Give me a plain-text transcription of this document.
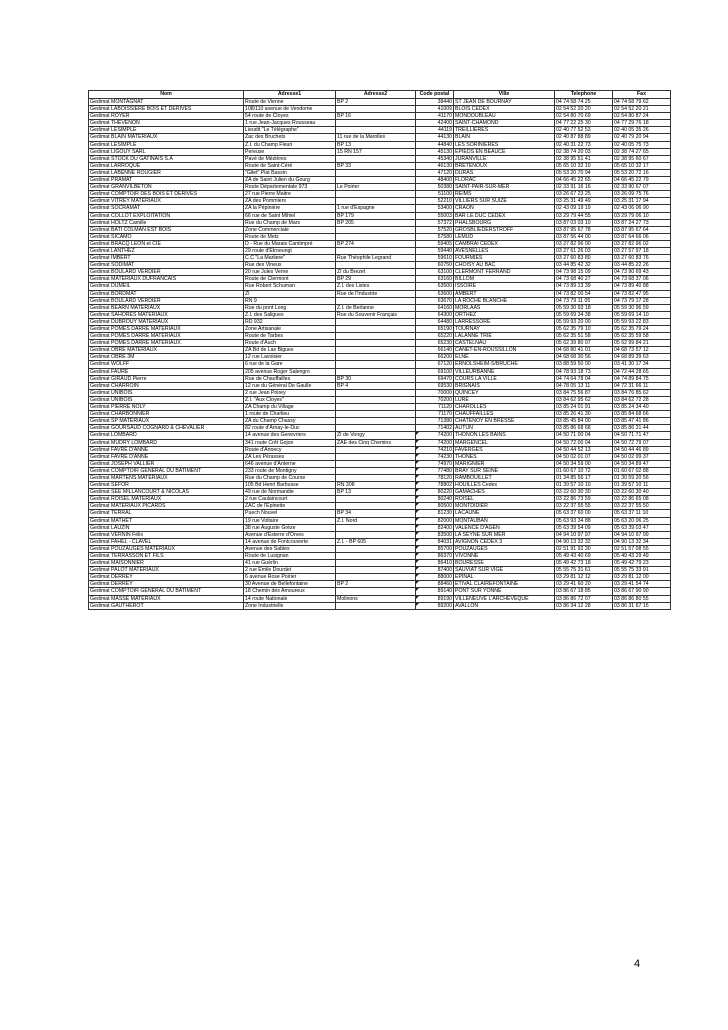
Nom	Adresse1	Adresse2	Code postal	Ville	Telephone	Fax
Gedimat MONTAGNAT	Route de Vienne	BP 2	38440	ST JEAN DE BOURNAY	04 74 58 74 25	04 74 58 79 62
Gedimat LABOISSIERE BOIS ET DERIVES	108/110 avenue de Vendome		41009	BLOIS CEDEX	02 54 52 20 20	02 54 52 20 21
Gedimat ROYER	54 route de Cloyes	BP 16	41170	MONDOUBLEAU	02 54 80 70 69	02 54 80 87 24
Gedimat THEVENON	1 rue Jean-Jacques Rousseau		42400	SAINT-CHAMOND	04 77 22 25 30	04 77 29 76 18
Gedimat LESIMPLE	Lieudit "Le Télégraphe"		44119	TREILLIERES	02 40 77 52 53	02 40 05 35 26
Gedimat BLAIN MATERIAUX	Zac des Bruchets	11 rue de la Marolles	44130	BLAIN	02 40 87 88 89	02 40 79 20 94
Gedimat LESIMPLE	Z.I. du Champ Fleuri	BP 13	44840	LES SORINIERES	02 40 31 22 73	02 40 05 75 73
Gedimat LIGOUY SARL	Pereuse	15 RN 157	45130	EPIEDS EN BEAUCE	02 38 74 20 03	02 38 74 27 65
Gedimat STOCK DU GATINAIS S.A	Pavé de Mézières		45340	JURANVILLE	02 38 95 51 41	02 38 95 60 67
Gedimat LARROQUE	Route de Saint-Céré	BP 33	46130	BRETENOUX	05 65 10 32 10	05 65 10 32 17
Gedimat LABENNE ROUGIER	"Gilet" Plat Bassin		47120	DURAS	05 53 20 70 94	05 53 20 72 16
Gedimat PRAMAT	ZA de Saint Julien du Gourg		48400	FLORAC	04 66 45 22 65	04 66 45 22 79
Gedimat GRANVILBETON	Route Départementale 973	Le Poirier	50380	SAINT-PAIR-SUR-MER	02 33 91 16 16	02 33 90 67 07
Gedimat COMPTOIR DES BOIS ET DERIVES	27 rue Pierre Maitre		51100	REIMS	03 26 67 23 25	03 26 09 75 76
Gedimat VITREY MATERIAUX	ZA des Pommiers		52210	VILLIERS SUR SUIZE	03 25 31 49 49	03 25 31 17 94
Gedimat SOCRAMAT	ZA la Pépinière	1 rue d'Espagne	53400	CRAON	02 43 09 19 19	02 43 06 06 90
Gedimat COLLOT EXPLOITATION	66 rue de Saint Mihiel	BP 179	55003	BAR LE DUC CEDEX	03 29 79 44 55	03 29 79 06 10
Gedimat HOLTZ Camille	Rue du Champ de Mars	BP 205	57372	PHALSBOURG	03 87 03 03 10	03 87 24 27 73
Gedimat BATI COLMAN EST BOIS	Zone Commerciale		57520	GROSBLIEDERSTROFF	03 87 95 67 78	03 87 95 67 64
Gedimat SICAMO	Route de Metz		57580	LEMUD	03 87 56 44 00	03 87 64 66 06
Gedimat BRACQ LEON et CIE	D - Rue du Marais Cantimpré	BP 274	59405	CAMBRAI CEDEX	03 27 82 96 00	03 27 82 96 02
Gedimat LANTHEZ	29 route d'Etroeungt		59440	AVESNELLES	03 27 61 26 03	03 27 57 97 18
Gedimat IMBERT	C.C "La Marliere"	Rue Théophile Legrand	59610	FOURMIES	03 27 60 83 80	03 27 60 83 76
Gedimat SODIMAT	Rue des Vineux		60750	CHOISY AU BAC	03 44 85 42 32	03 44 85 22 26
Gedimat BOULARD VERDIER	20 rue Jules Verne	ZI du Brezet	63100	CLERMONT FERRAND	04 73 98 15 09	04 73 90 69 43
Gedimat MATERIAUX DUFRANCAIS	Route de Clermont	BP 29	63160	BILLOM	04 73 68 40 27	04 73 68 37 06
Gedimat DUMEIL	Rue Robert Schuman	Z.I. des Listes	63500	ISSOIRE	04 73 89 13 39	04 73 89 40 88
Gedimat BORDMAT	ZI	Rue de l'Industrie	63600	AMBERT	04 73 82 00 54	04 73 82 47 95
Gedimat BOULARD VERDIER	RN 9		63670	LA ROCHE BLANCHE	04 73 79 11 05	04 73 79 17 28
Gedimat BEARN MATERIAUX	Rue du pont Long	Z.I. de Berlanne	64160	MORLAAS	05 59 30 93 18	05 59 30 96 59
Gedimat SAHORES MATERIAUX	Z.I. des Saligues	Rue du Souvenir Français	64300	ORTHEZ	05 59 69 34 38	05 59 69 14 10
Gedimat DUBROUY MATERIAUX	RD 932		64480	LARRESSORE	05 59 93 20 00	05 59 93 22 83
Gedimat POMES DARRE MATERIAUX	Zone Artisanale		65190	TOURNAY	05 62 35 79 10	05 62 35 79 24
Gedimat POMES DARRE MATERIAUX	Route de Tarbes		65220	LALANNE TRIE	05 62 35 51 58	05 62 35 59 58
Gedimat POMES DARRE MATERIAUX	Route d'Auch		65230	CASTELNAU	05 62 39 80 07	05 62 99 84 21
Gedimat OBRE MATERIAUX	ZA Bd de Las Bigues		66140	CANET-EN-ROUSSILLON	04 68 80 41 01	04 68 73 57 12
Gedimat OBRE 3M	12 rue Lavoisier		66200	ELNE	04 68 68 30 56	04 68 89 39 63
Gedimat WOLFF	6 rue de la Gare		67120	ERNOLSHEIM-S/BRUCHE	03 88 59 50 00	03 41 30 17 34
Gedimat FAURE	205 avenue Roger Salengro		69100	VILLEURBANNE	04 78 93 18 73	04 72 44 28 65
Gedimat GIRAUD Pierre	Rue de Chauffailles	BP 30	69470	COURS LA VILLE	04 74 64 78 04	04 74 89 84 75
Gedimat CHARROIN	12 rue du Général De Gaulle	BP 4	69530	BRIGNAIS	04 78 05 13 11	04 72 31 66 11
Gedimat UNIBOIS	2 rue Jean Poirey		70000	QUINCEY	03 84 75 56 87	03 84 76 85 62
Gedimat UNIBOIS	Z.I. "Aux Cloyes"		70200	LURE	03 84 62 95 62	03 84 62 72 28
Gedimat PIERRE NOLY	ZA Champ du Village		71120	CHAROLLES	03 85 24 01 91	03 85 24 34 40
Gedimat CHARBONNIER	1 route de Charlieu		71170	CHAUFFAILLES	03 85 26 41 30	03 85 84 68 66
Gedimat SP MATERIAUX	ZA du Champ Chassy		71380	CHATENOY EN BRESSE	03 85 45 84 00	03 85 47 41 86
Gedimat GOURSAUD COGNARD & CHEVALIER	82 route d'Arnay-le-Duc		71402	AUTUN	03 85 86 68 68	03 85 86 31 44
Gedimat LOMBARD	14 avenue des Genevriers	ZI de Vongy	74200	THONON LES BAINS	04 50 71 00 04	04 50 71 71 47
Gedimat MUDRY LOMBARD	341 route Crêt Gojon	ZAE des Cinq Chemins	74200	MARGENCEL	04 50 72 00 04	04 50 72 79 07
Gedimat FAVRE D'ANNE	Route d'Annecy		74210	FAVERGES	04 50 44 52 13	04 50 44 46 89
Gedimat FAVRE D'ANNE	ZA Les Pérasses		74230	THONES	04 50 02 01 07	04 50 02 99 37
Gedimat JOSEPH VALLIER	646 avenue d'Anterne		74970	MARIGNIER	04 50 34 59 00	04 50 34 89 47
Gedimat COMPTOIR GENERAL DU BATIMENT	233 route de Montigny		77480	BRAY SUR SEINE	01 60 67 10 72	01 60 67 02 88
Gedimat MARTENS MATERIAUX	Rue du Champ de Course		78120	RAMBOUILLET	01 34 85 56 17	01 30 59 20 56
Gedimat SEFOR	105 Bd Henri Barbusse	RN 308	78802	HOUILLES Cedex	01 39 57 10 10	01 39 57 10 11
Gedimat SEE MILLANCOURT & NICOLAS	49 rue de Normandie	BP 13	80220	GAMACHES	03 22 60 30 30	03 22 60 30 40
Gedimat ROISEL MATERIAUX	2 rue Caulaincourt		80240	ROISEL	03 22 86 73 59	03 22 86 65 08
Gedimat MATERIAUX PICARDS	ZAC de l'Epinette		80500	MONTDIDIER	03 22 37 55 55	03 22 37 55 50
Gedimat TERRAL	Puech Nouvel	BP 34	81230	LACAUNE	05 63 37 60 00	05 63 37 11 10
Gedimat MATHET	19 rue Voltaire	Z.I. Nord	82000	MONTAUBAN	05 63 93 34 88	05 63 20 06 25
Gedimat LAUZIN	38 rue Auguste Grèze		82400	VALENCE D'AGEN	05 63 39 54 09	05 63 39 03 47
Gedimat VERNIN Félix	Avenue d'Esterre d'Orves		83500	LA SEYNE SUR MER	04 94 10 97 97	04 94 10 97 99
Gedimat FAHEL - CLAVEL	14 avenue de Fontcouverte	Z.I. - BP 605	84031	AVIGNON CEDEX 3	04 90 13 32 32	04 90 13 32 34
Gedimat POUZAUGES MATERIAUX	Avenue des Sables		85700	POUZAUGES	02 51 91 92 30	02 51 57 08 55
Gedimat TERRASSON ET FILS	Route de Lusignan		86370	VIVONNE	05 49 43 40 69	05 49 43 29 49
Gedimat MAISONNIER	41 rue Guérlin		86410	BOURESSE	05 49 42 73 18	05 49 42 79 23
Gedimat PALOT MATERIAUX	2 rue Emile Dourdet		87400	SAUVIAT SUR VIGE	05 55 75 31 61	05 55 75 33 91
Gedimat DERREY	6 avenue Rose Poirier		88000	EPINAL	03 29 81 12 12	03 29 81 12 00
Gedimat DERREY	30 Avenue de Bellefontaine	BP 2	88460	ETIVAL CLAIREFONTAINE	03 29 41 60 20	03 29 41 54 74
Gedimat COMPTOIR GENERAL DU BATIMENT	18 Chemin des Amoureux		89140	PONT SUR YONNE	03 86 67 18 85	03 86 67 90 90
Gedimat MASSE MATERIAUX	14 route Nationale	Molinons	89190	VILLENEUVE L'ARCHEVEQUE	03 86 86 72 07	03 86 86 80 55
Gedimat GAUTHEROT	Zone Industrielle		89200	AVALLON	03 86 34 12 28	03 86 31 67 15
4
